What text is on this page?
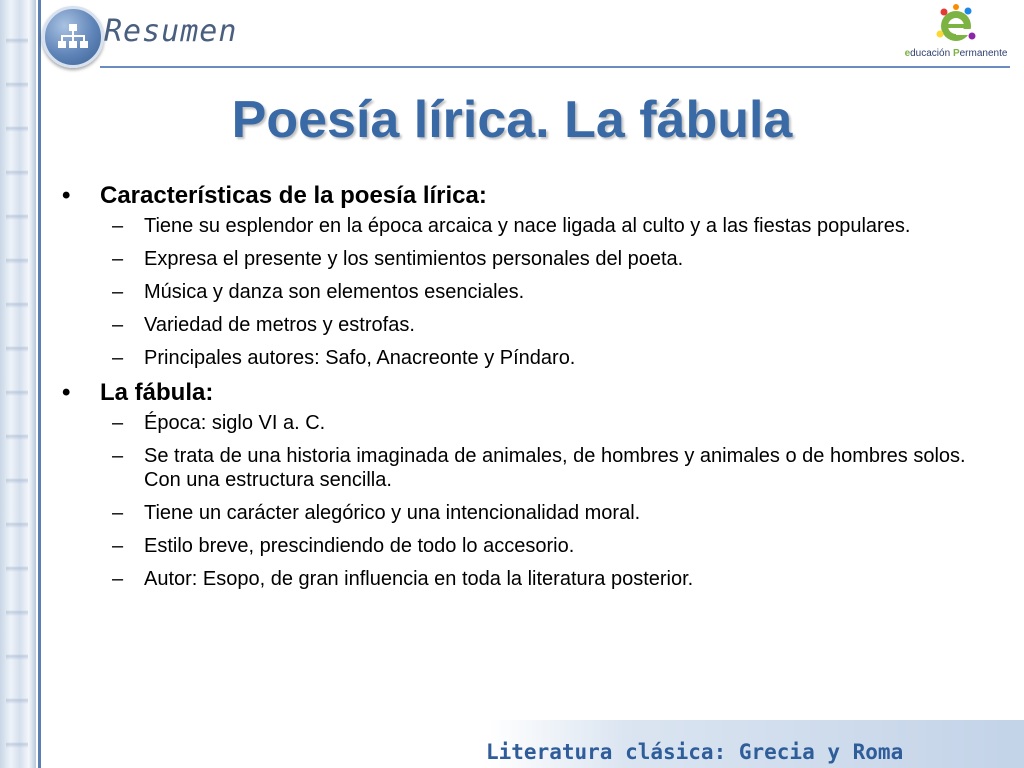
Resumen
educación Permanente
Poesía lírica. La fábula
• Características de la poesía lírica:
– Tiene su esplendor en la época arcaica y nace ligada al culto y a las fiestas populares.
– Expresa el presente y los sentimientos personales del poeta.
– Música y danza son elementos esenciales.
– Variedad de metros y estrofas.
– Principales autores: Safo, Anacreonte y Píndaro.
• La fábula:
– Época: siglo VI a. C.
– Se trata de una historia imaginada de animales, de hombres y animales o de hombres solos. Con una estructura sencilla.
– Tiene un carácter alegórico y una intencionalidad moral.
– Estilo breve, prescindiendo de todo lo accesorio.
– Autor: Esopo, de gran influencia en toda la literatura posterior.
Literatura clásica: Grecia y Roma
